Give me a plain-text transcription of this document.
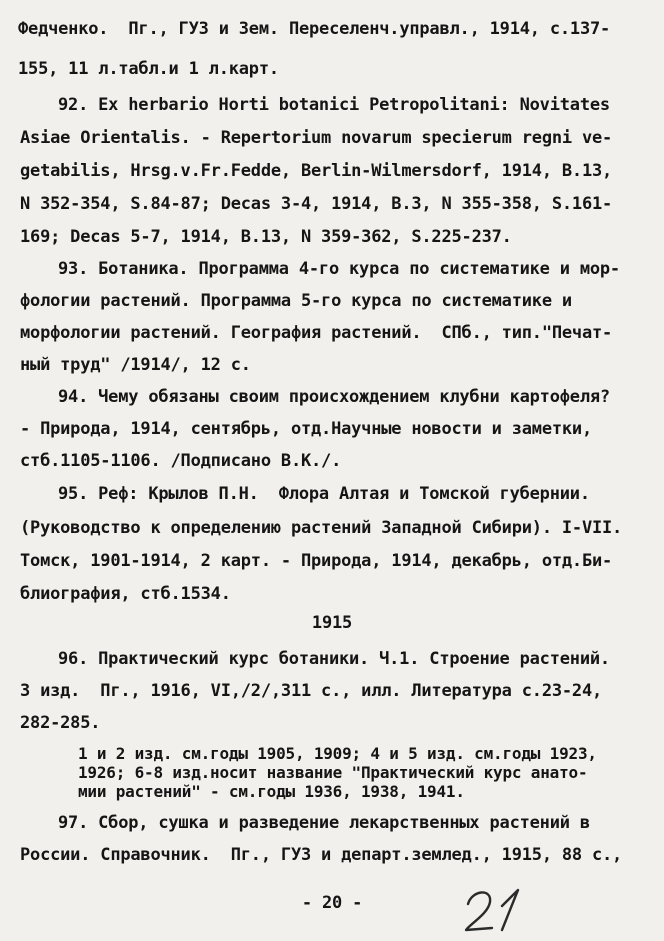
Федченко.  Пг., ГУЗ и Зем. Переселенч.управл., 1914, с.137-

155, 11 л.табл.и 1 л.карт.

92. Ex herbario Horti botanici Petropolitani: Novitates

Asiae Orientalis. - Repertorium novarum specierum regni ve-

getabilis, Hrsg.v.Fr.Fedde, Berlin-Wilmersdorf, 1914, B.13,

N 352-354, S.84-87; Decas 3-4, 1914, B.3, N 355-358, S.161-

169; Decas 5-7, 1914, B.13, N 359-362, S.225-237.

93. Ботаника. Программа 4-го курса по систематике и мор-

фологии растений. Программа 5-го курса по систематике и

морфологии растений. География растений.  СПб., тип."Печат-

ный труд" /1914/, 12 с.

94. Чему обязаны своим происхождением клубни картофеля?

- Природа, 1914, сентябрь, отд.Научные новости и заметки,

стб.1105-1106. /Подписано В.К./.

95. Реф: Крылов П.Н.  Флора Алтая и Томской губернии.

(Руководство к определению растений Западной Сибири). I-VII.

Томск, 1901-1914, 2 карт. - Природа, 1914, декабрь, отд.Би-

блиография, стб.1534.

1915

96. Практический курс ботаники. Ч.1. Строение растений.

3 изд.  Пг., 1916, VI,/2/,311 с., илл. Литература с.23-24,

282-285.

1 и 2 изд. см.годы 1905, 1909; 4 и 5 изд. см.годы 1923,

1926; 6-8 изд.носит название "Практический курс анато-

мии растений" - см.годы 1936, 1938, 1941.

97. Сбор, сушка и разведение лекарственных растений в

России. Справочник.  Пг., ГУЗ и департ.землед., 1915, 88 с.,

- 20 -
